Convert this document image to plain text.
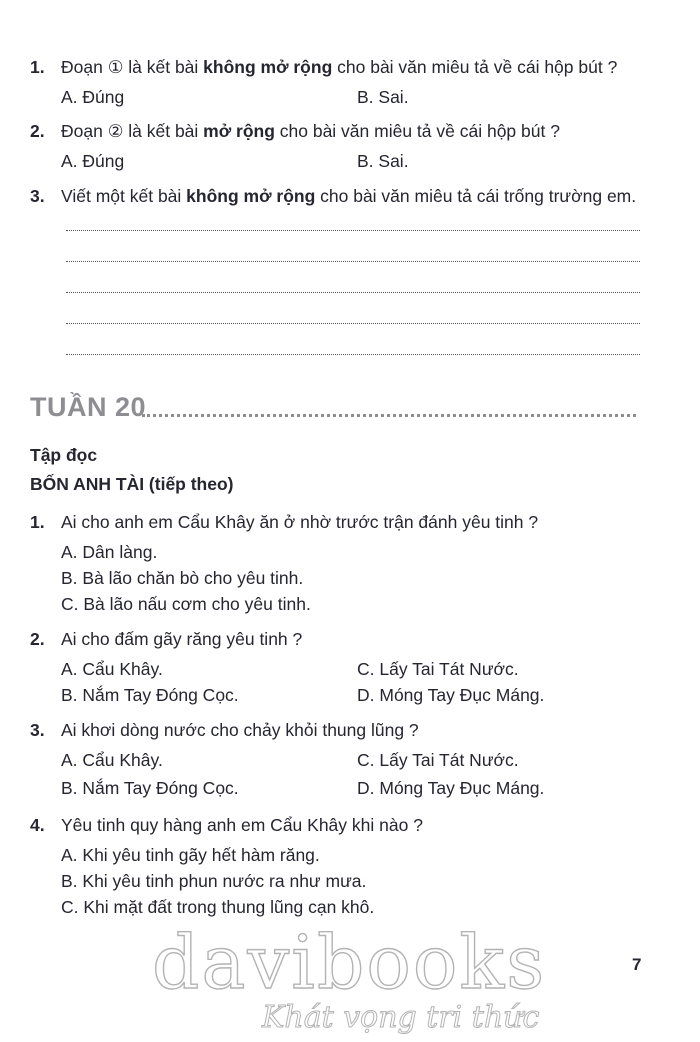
1. Đoạn ① là kết bài không mở rộng cho bài văn miêu tả về cái hộp bút ?
A. Đúng	B. Sai.
2. Đoạn ② là kết bài mở rộng cho bài văn miêu tả về cái hộp bút ?
A. Đúng	B. Sai.
3. Viết một kết bài không mở rộng cho bài văn miêu tả cái trống trường em.
TUẦN 20
Tập đọc
BỐN ANH TÀI (tiếp theo)
1. Ai cho anh em Cẩu Khây ăn ở nhờ trước trận đánh yêu tinh ?
A. Dân làng.
B. Bà lão chăn bò cho yêu tinh.
C. Bà lão nấu cơm cho yêu tinh.
2. Ai cho đấm gãy răng yêu tinh ?
A. Cẩu Khây.	C. Lấy Tai Tát Nước.
B. Nắm Tay Đóng Cọc.	D. Móng Tay Đục Máng.
3. Ai khơi dòng nước cho chảy khỏi thung lũng ?
A. Cẩu Khây.	C. Lấy Tai Tát Nước.
B. Nắm Tay Đóng Cọc.	D. Móng Tay Đục Máng.
4. Yêu tinh quy hàng anh em Cẩu Khây khi nào ?
A. Khi yêu tinh gãy hết hàm răng.
B. Khi yêu tinh phun nước ra như mưa.
C. Khi mặt đất trong thung lũng cạn khô.
davibooks
Khát vọng tri thức
7
